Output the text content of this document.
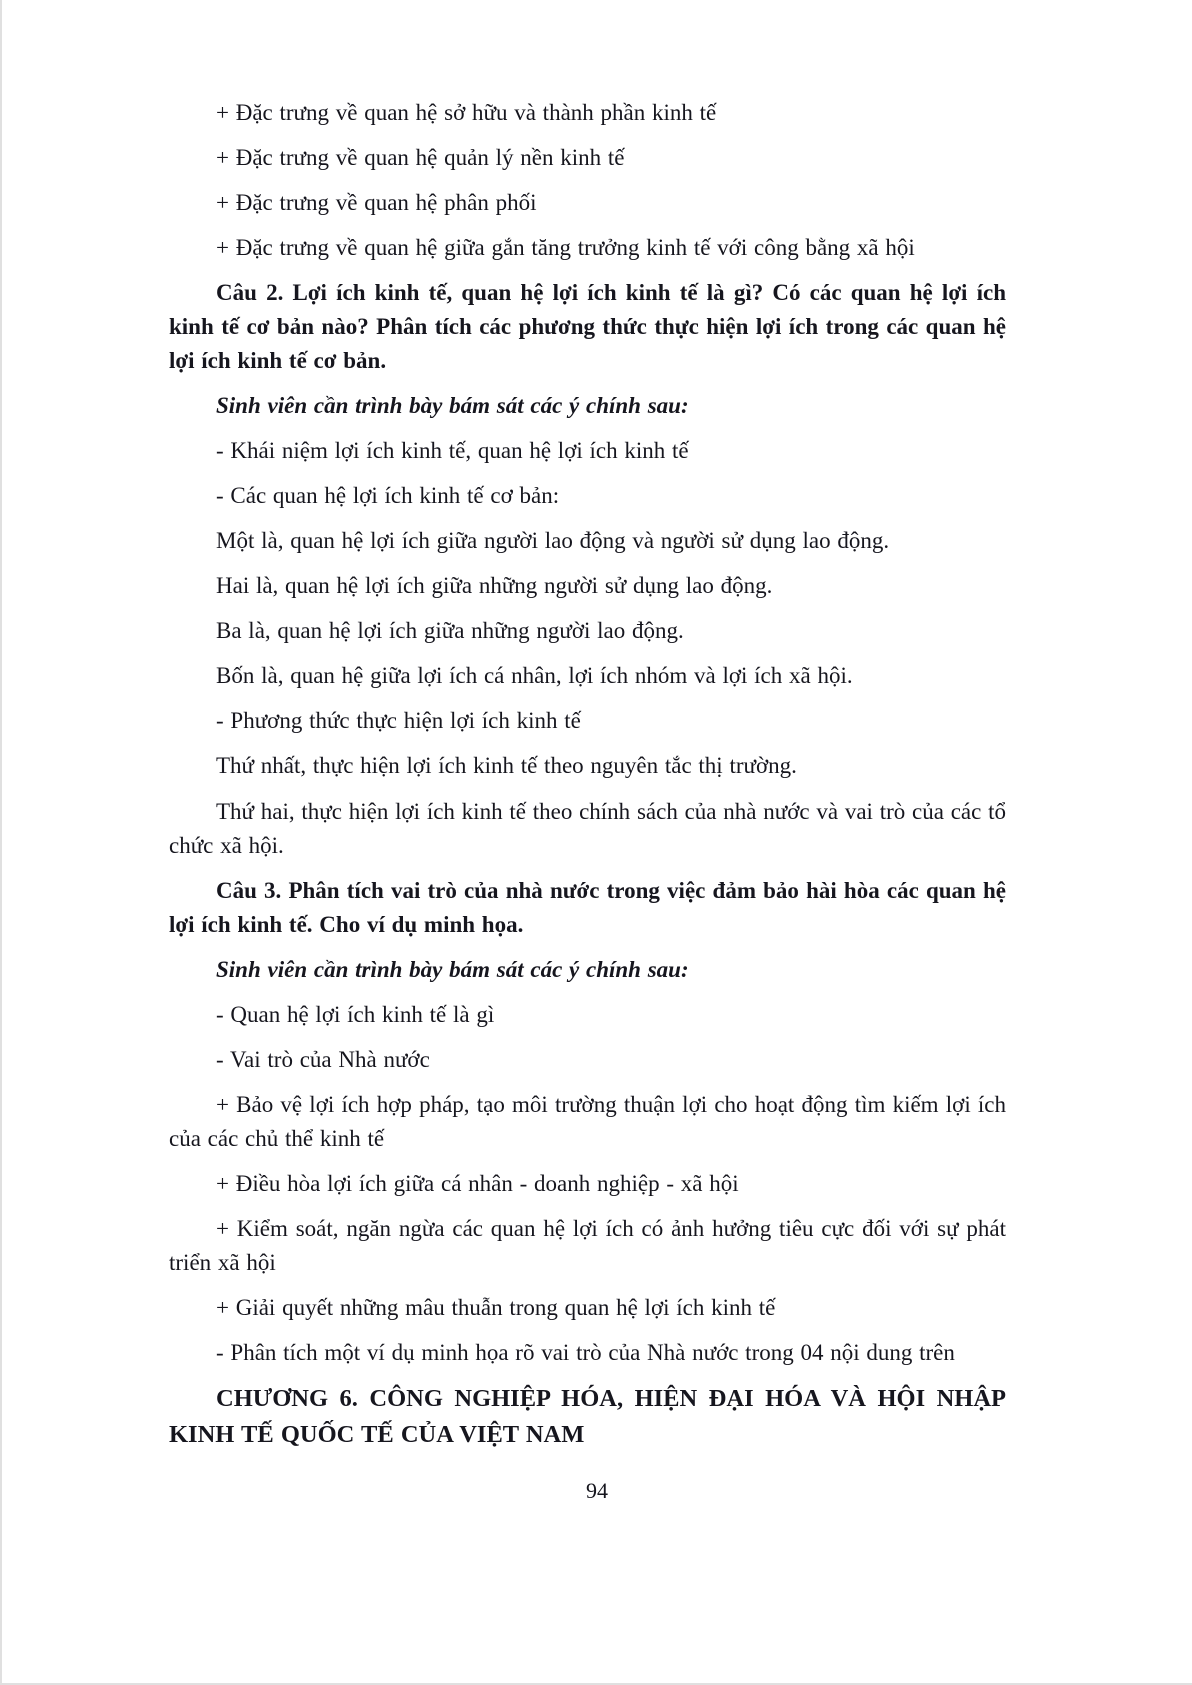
+ Đặc trưng về quan hệ sở hữu và thành phần kinh tế

+ Đặc trưng về quan hệ quản lý nền kinh tế

+ Đặc trưng về quan hệ phân phối

+ Đặc trưng về quan hệ giữa gắn tăng trưởng kinh tế với công bằng xã hội

Câu 2. Lợi ích kinh tế, quan hệ lợi ích kinh tế là gì? Có các quan hệ lợi ích kinh tế cơ bản nào? Phân tích các phương thức thực hiện lợi ích trong các quan hệ lợi ích kinh tế cơ bản.

Sinh viên cần trình bày bám sát các ý chính sau:

- Khái niệm lợi ích kinh tế, quan hệ lợi ích kinh tế

- Các quan hệ lợi ích kinh tế cơ bản:

Một là, quan hệ lợi ích giữa người lao động và người sử dụng lao động.

Hai là, quan hệ lợi ích giữa những người sử dụng lao động.

Ba là, quan hệ lợi ích giữa những người lao động.

Bốn là, quan hệ giữa lợi ích cá nhân, lợi ích nhóm và lợi ích xã hội.

- Phương thức thực hiện lợi ích kinh tế

Thứ nhất, thực hiện lợi ích kinh tế theo nguyên tắc thị trường.

Thứ hai, thực hiện lợi ích kinh tế theo chính sách của nhà nước và vai trò của các tổ chức xã hội.

Câu 3. Phân tích vai trò của nhà nước trong việc đảm bảo hài hòa các quan hệ lợi ích kinh tế. Cho ví dụ minh họa.

Sinh viên cần trình bày bám sát các ý chính sau:

- Quan hệ lợi ích kinh tế là gì

- Vai trò của Nhà nước

+ Bảo vệ lợi ích hợp pháp, tạo môi trường thuận lợi cho hoạt động tìm kiếm lợi ích của các chủ thể kinh tế

+ Điều hòa lợi ích giữa cá nhân - doanh nghiệp - xã hội

+ Kiểm soát, ngăn ngừa các quan hệ lợi ích có ảnh hưởng tiêu cực đối với sự phát triển xã hội

+ Giải quyết những mâu thuẫn trong quan hệ lợi ích kinh tế

- Phân tích một ví dụ minh họa rõ vai trò của Nhà nước trong 04 nội dung trên

CHƯƠNG 6. CÔNG NGHIỆP HÓA, HIỆN ĐẠI HÓA VÀ HỘI NHẬP KINH TẾ QUỐC TẾ CỦA VIỆT NAM

94
